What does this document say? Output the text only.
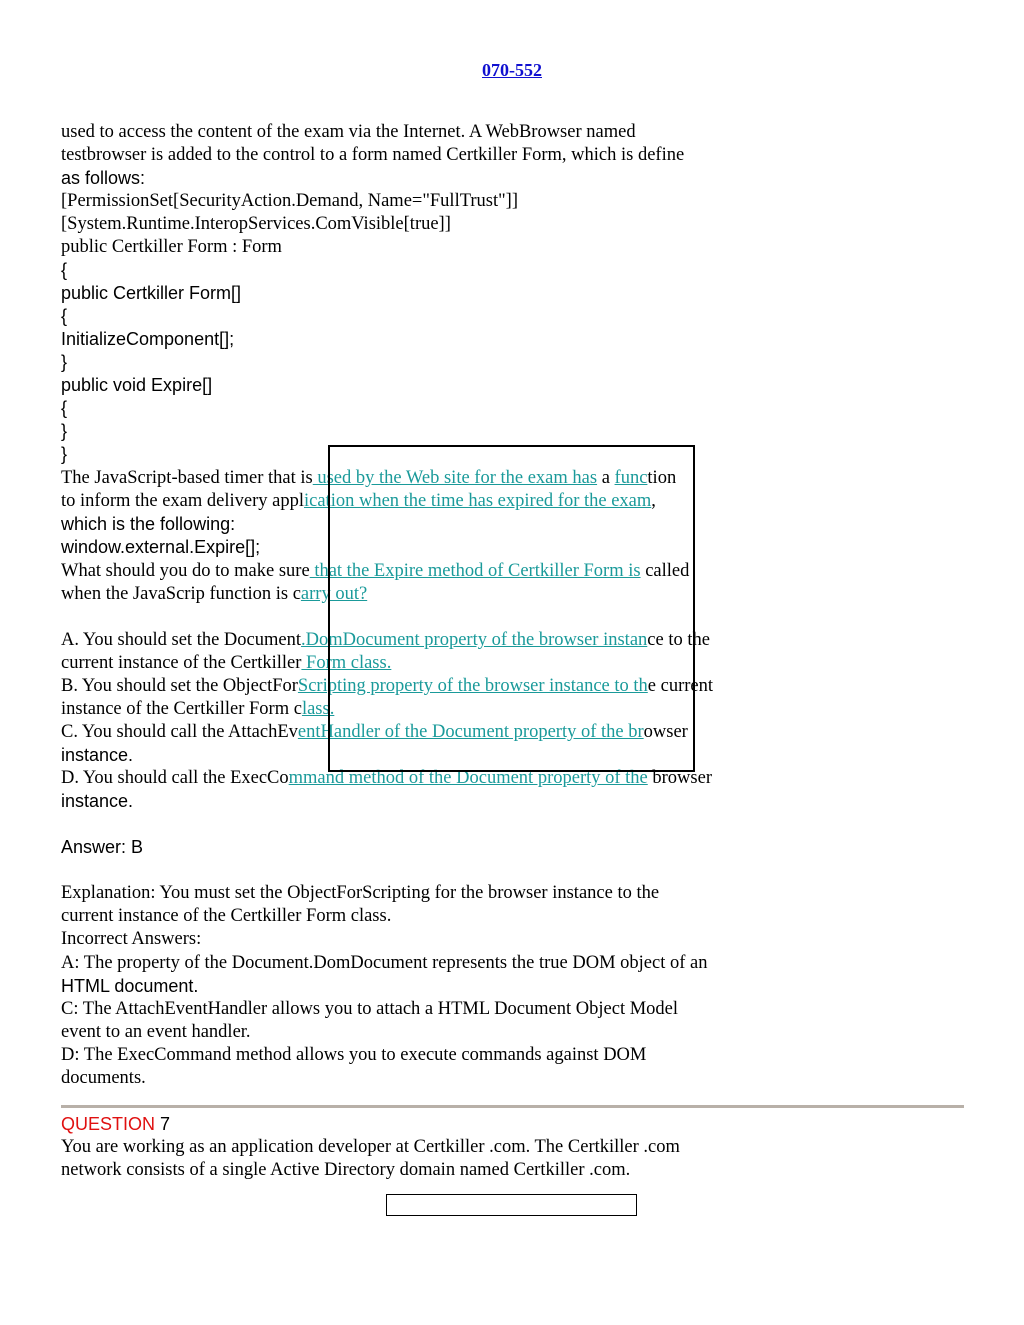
070-552
used to access the content of the exam via the Internet. A WebBrowser named
testbrowser is added to the control to a form named Certkiller Form, which is define
as follows:
[PermissionSet[SecurityAction.Demand, Name="FullTrust"]]
[System.Runtime.InteropServices.ComVisible[true]]
public Certkiller Form : Form
{
public Certkiller Form[]
{
InitializeComponent[];
}
public void Expire[]
{
}
}
The JavaScript-based timer that is used by the Web site for the exam has a function
to inform the exam delivery application when the time has expired for the exam,
which is the following:
window.external.Expire[];
What should you do to make sure that the Expire method of Certkiller Form is called
when the JavaScrip function is carry out?
A. You should set the Document.DomDocument property of the browser instance to the
current instance of the Certkiller Form class.
B. You should set the ObjectForScripting property of the browser instance to the current
instance of the Certkiller Form class.
C. You should call the AttachEventHandler of the Document property of the browser
instance.
D. You should call the ExecCommand method of the Document property of the browser
instance.
Answer: B
Explanation: You must set the ObjectForScripting for the browser instance to the
current instance of the Certkiller Form class.
Incorrect Answers:
A: The property of the Document.DomDocument represents the true DOM object of an
HTML document.
C: The AttachEventHandler allows you to attach a HTML Document Object Model
event to an event handler.
D: The ExecCommand method allows you to execute commands against DOM
documents.
QUESTION 7
You are working as an application developer at Certkiller .com. The Certkiller .com
network consists of a single Active Directory domain named Certkiller .com.
